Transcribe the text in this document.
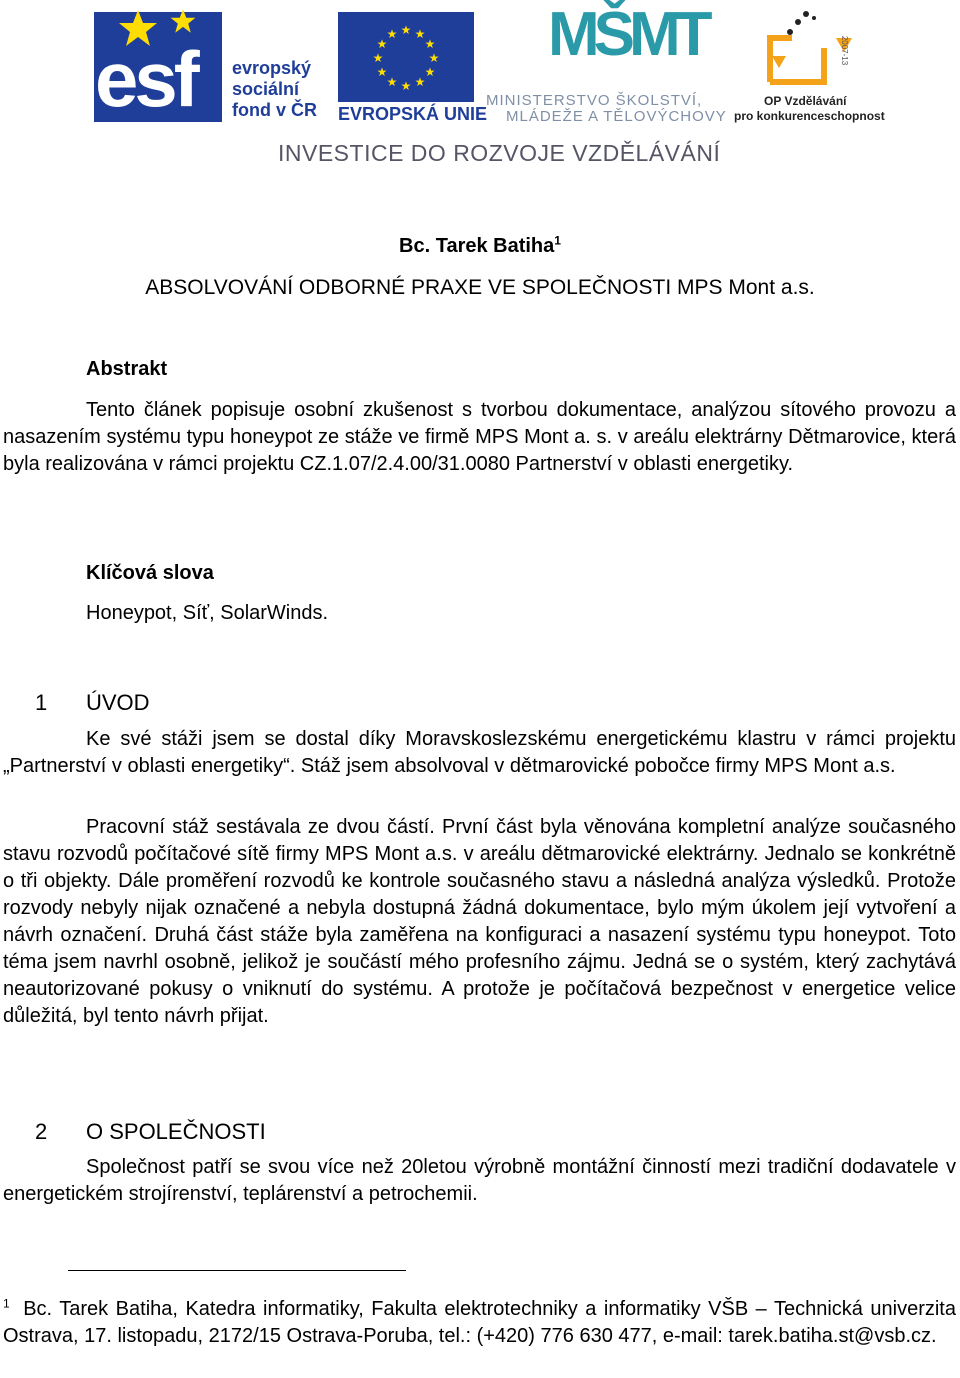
esf evropský
sociální
fond v ČR
★ ★
★
★
★
★
★
★
★
★
★
★
EVROPSKÁ UNIE
MŠMT
MINISTERSTVO ŠKOLSTVÍ,
MLÁDEŽE A TĚLOVÝCHOVY
2007-13
OP Vzdělávání
pro konkurenceschopnost
INVESTICE DO ROZVOJE VZDĚLÁVÁNÍ
Bc. Tarek Batiha$^1$
ABSOLVOVÁNÍ ODBORNÉ PRAXE VE SPOLEČNOSTI MPS Mont a.s.
Abstrakt
Tento článek popisuje osobní zkušenost s tvorbou dokumentace, analýzou sítového provozu a nasazením systému typu honeypot ze stáže ve firmě MPS Mont a. s. v areálu elektrárny Dětmarovice, která byla realizována v rámci projektu CZ.1.07/2.4.00/31.0080 Partnerství v oblasti energetiky.
Klíčová slova
Honeypot, Síť, SolarWinds.
1 ÚVOD
Ke své stáži jsem se dostal díky Moravskoslezskému energetickému klastru v rámci projektu „Partnerství v oblasti energetiky“. Stáž jsem absolvoval v dětmarovické pobočce firmy MPS Mont a.s.
Pracovní stáž sestávala ze dvou částí. První část byla věnována kompletní analýze současného stavu rozvodů počítačové sítě firmy MPS Mont a.s. v areálu dětmarovické elektrárny. Jednalo se konkrétně o tři objekty. Dále proměření rozvodů ke kontrole současného stavu a následná analýza výsledků. Protože rozvody nebyly nijak označené a nebyla dostupná žádná dokumentace, bylo mým úkolem její vytvoření a návrh označení. Druhá část stáže byla zaměřena na konfiguraci a nasazení systému typu honeypot. Toto téma jsem navrhl osobně, jelikož je součástí mého profesního zájmu. Jedná se o systém, který zachytává neautorizované pokusy o vniknutí do systému. A protože je počítačová bezpečnost v energetice velice důležitá, byl tento návrh přijat.
2 O SPOLEČNOSTI
Společnost patří se svou více než 20letou výrobně montážní činností mezi tradiční dodavatele v energetickém strojírenství, teplárenství a petrochemii.
$^1$ Bc. Tarek Batiha, Katedra informatiky, Fakulta elektrotechniky a informatiky VŠB – Technická univerzita Ostrava, 17. listopadu, 2172/15 Ostrava-Poruba, tel.: (+420) 776 630 477, e-mail: tarek.batiha.st@vsb.cz.
